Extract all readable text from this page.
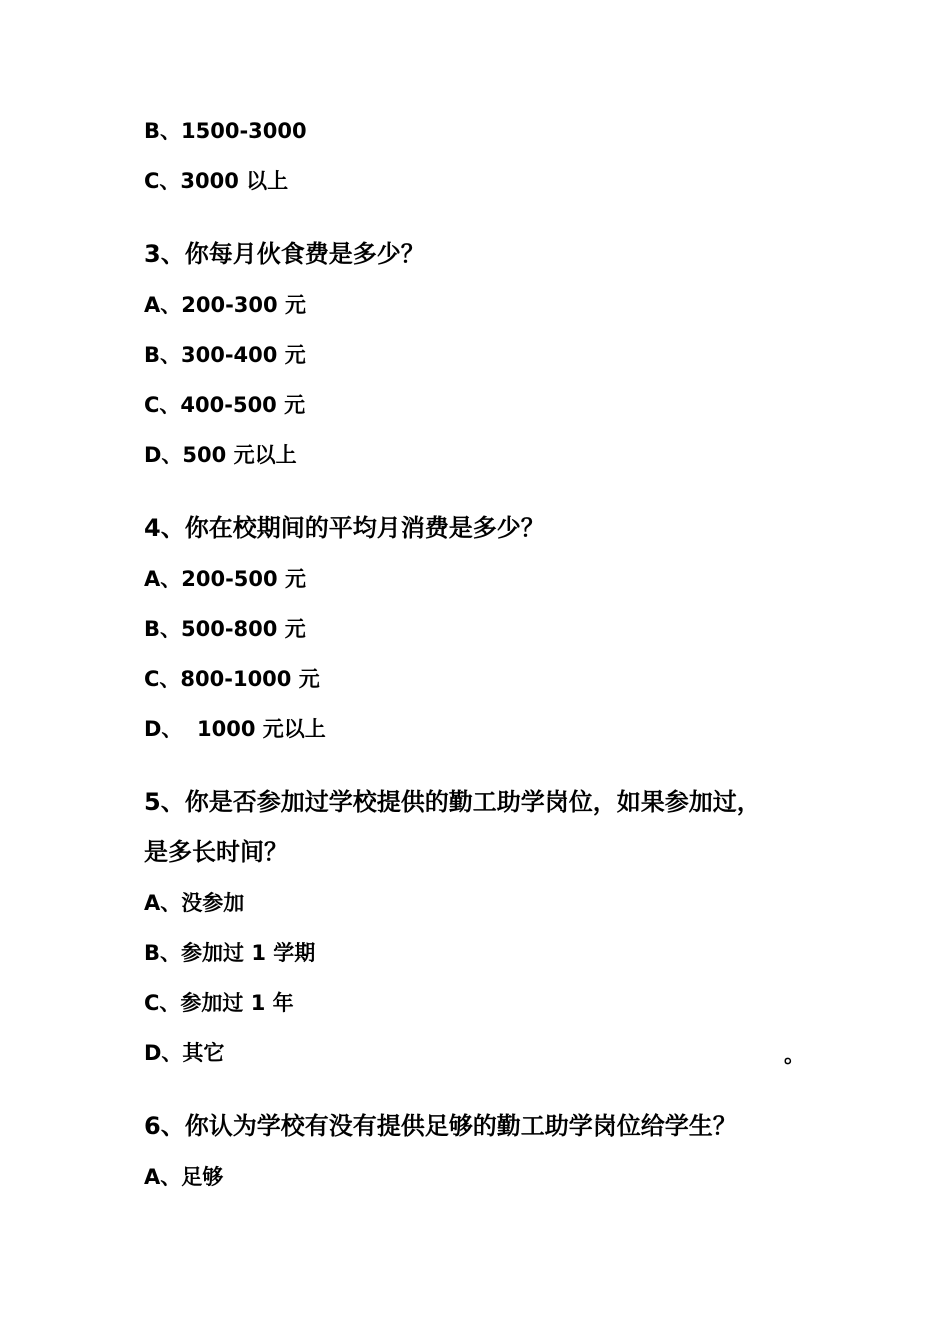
B、1500-3000
C、3000 以上
3、你每月伙食费是多少？
A、200-300 元
B、300-400 元
C、400-500 元
D、500 元以上
4、你在校期间的平均月消费是多少？
A、200-500 元
B、500-800 元
C、800-1000 元
D、  1000 元以上
5、你是否参加过学校提供的勤工助学岗位，如果参加过，
是多长时间？
A、没参加
B、参加过 1 学期
C、参加过 1 年
D、其它	。
6、你认为学校有没有提供足够的勤工助学岗位给学生？
A、足够
